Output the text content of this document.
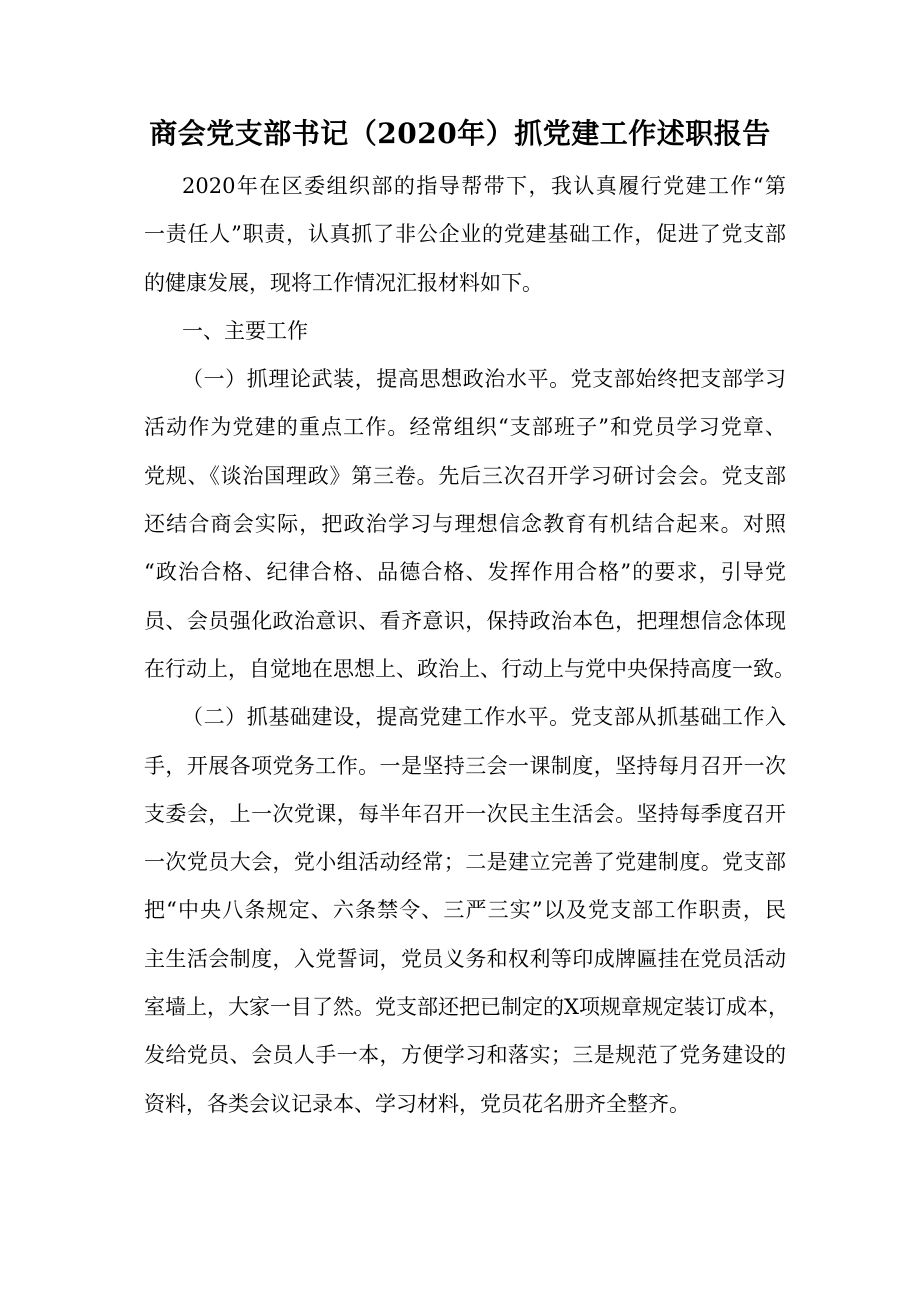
商会党支部书记（2020年）抓党建工作述职报告
2020年在区委组织部的指导帮带下，我认真履行党建工作“第
一责任人”职责，认真抓了非公企业的党建基础工作，促进了党支部
的健康发展，现将工作情况汇报材料如下。
一、主要工作
（一）抓理论武装，提高思想政治水平。党支部始终把支部学习
活动作为党建的重点工作。经常组织“支部班子”和党员学习党章、
党规、《谈治国理政》第三卷。先后三次召开学习研讨会会。党支部
还结合商会实际，把政治学习与理想信念教育有机结合起来。对照
“政治合格、纪律合格、品德合格、发挥作用合格”的要求，引导党
员、会员强化政治意识、看齐意识，保持政治本色，把理想信念体现
在行动上，自觉地在思想上、政治上、行动上与党中央保持高度一致。
（二）抓基础建设，提高党建工作水平。党支部从抓基础工作入
手，开展各项党务工作。一是坚持三会一课制度，坚持每月召开一次
支委会，上一次党课，每半年召开一次民主生活会。坚持每季度召开
一次党员大会，党小组活动经常；二是建立完善了党建制度。党支部
把“中央八条规定、六条禁令、三严三实”以及党支部工作职责，民
主生活会制度，入党誓词，党员义务和权利等印成牌匾挂在党员活动
室墙上，大家一目了然。党支部还把已制定的X项规章规定装订成本，
发给党员、会员人手一本，方便学习和落实；三是规范了党务建设的
资料，各类会议记录本、学习材料，党员花名册齐全整齐。
